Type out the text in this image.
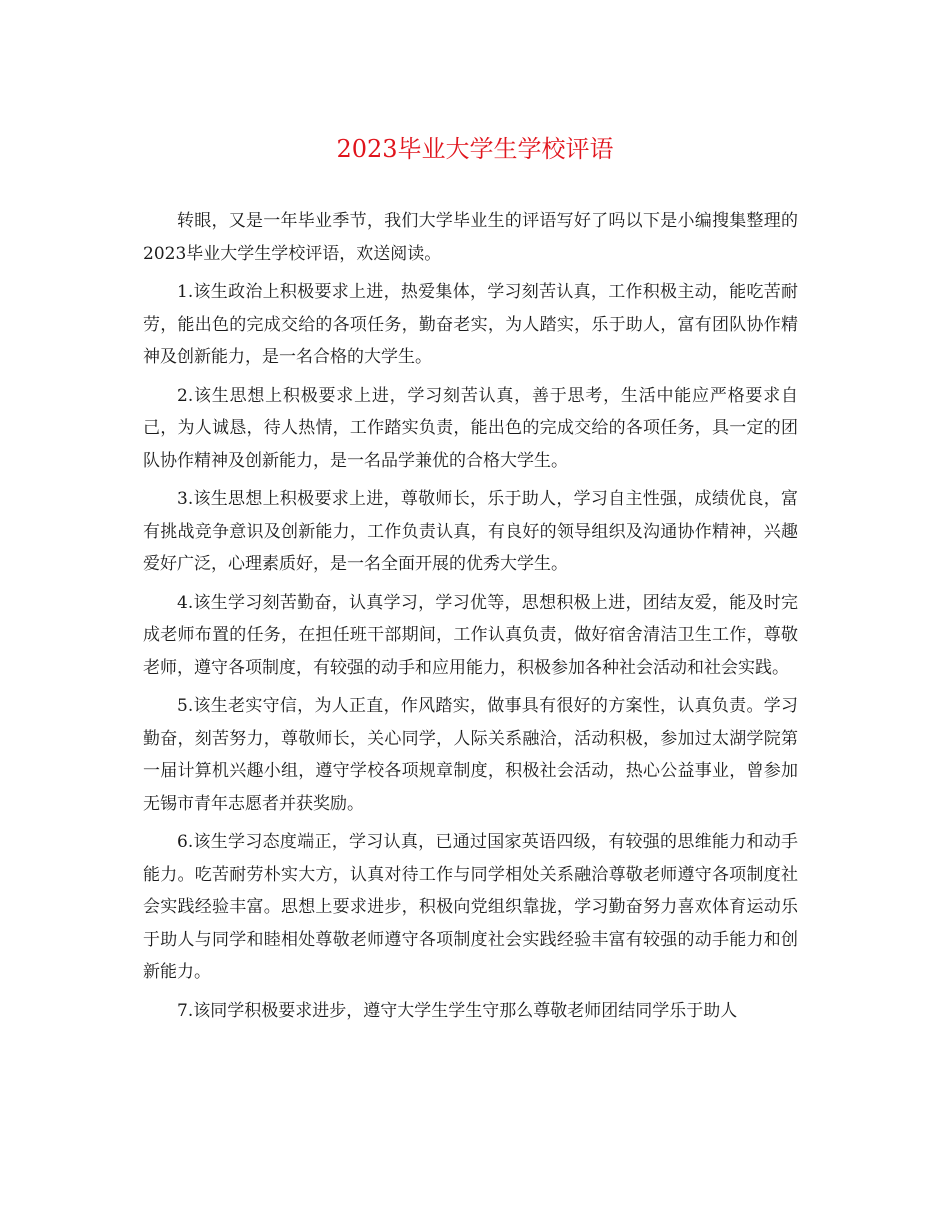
2023毕业大学生学校评语

转眼，又是一年毕业季节，我们大学毕业生的评语写好了吗以下是小编搜集整理的2023毕业大学生学校评语，欢送阅读。

1.该生政治上积极要求上进，热爱集体，学习刻苦认真，工作积极主动，能吃苦耐劳，能出色的完成交给的各项任务，勤奋老实，为人踏实，乐于助人，富有团队协作精神及创新能力，是一名合格的大学生。

2.该生思想上积极要求上进，学习刻苦认真，善于思考，生活中能应严格要求自己，为人诚恳，待人热情，工作踏实负责，能出色的完成交给的各项任务，具一定的团队协作精神及创新能力，是一名品学兼优的合格大学生。

3.该生思想上积极要求上进，尊敬师长，乐于助人，学习自主性强，成绩优良，富有挑战竞争意识及创新能力，工作负责认真，有良好的领导组织及沟通协作精神，兴趣爱好广泛，心理素质好，是一名全面开展的优秀大学生。

4.该生学习刻苦勤奋，认真学习，学习优等，思想积极上进，团结友爱，能及时完成老师布置的任务，在担任班干部期间，工作认真负责，做好宿舍清洁卫生工作，尊敬老师，遵守各项制度，有较强的动手和应用能力，积极参加各种社会活动和社会实践。

5.该生老实守信，为人正直，作风踏实，做事具有很好的方案性，认真负责。学习勤奋，刻苦努力，尊敬师长，关心同学，人际关系融洽，活动积极，参加过太湖学院第一届计算机兴趣小组，遵守学校各项规章制度，积极社会活动，热心公益事业，曾参加无锡市青年志愿者并获奖励。

6.该生学习态度端正，学习认真，已通过国家英语四级，有较强的思维能力和动手能力。吃苦耐劳朴实大方，认真对待工作与同学相处关系融洽尊敬老师遵守各项制度社会实践经验丰富。思想上要求进步，积极向党组织靠拢，学习勤奋努力喜欢体育运动乐于助人与同学和睦相处尊敬老师遵守各项制度社会实践经验丰富有较强的动手能力和创新能力。

7.该同学积极要求进步，遵守大学生学生守那么尊敬老师团结同学乐于助人
